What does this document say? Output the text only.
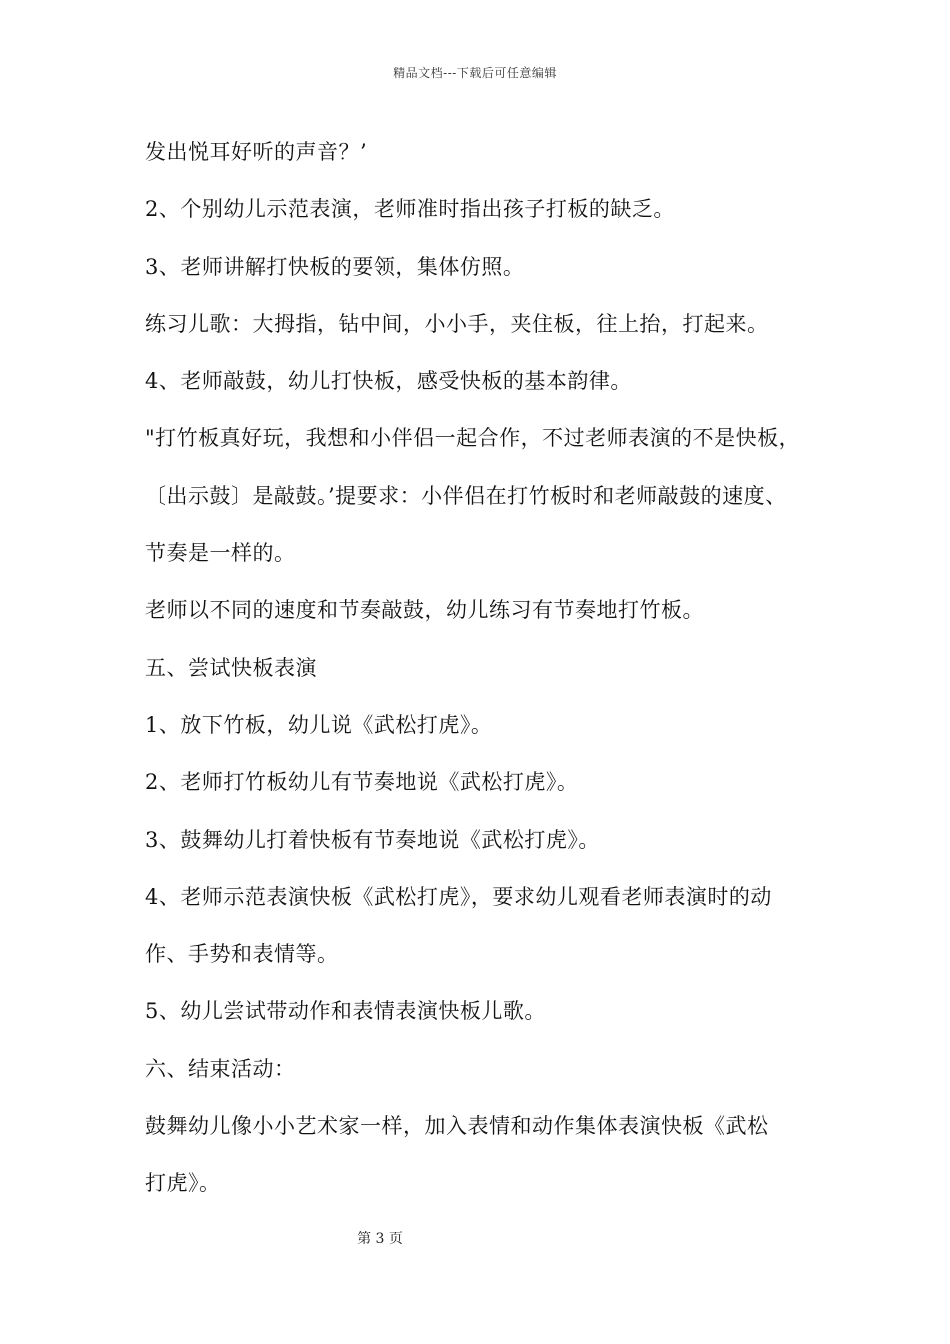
精品文档---下载后可任意编辑
发出悦耳好听的声音？’
2、个别幼儿示范表演，老师准时指出孩子打板的缺乏。
3、老师讲解打快板的要领，集体仿照。
练习儿歌：大拇指，钻中间，小小手，夹住板，往上抬，打起来。
4、老师敲鼓，幼儿打快板，感受快板的基本韵律。
"打竹板真好玩，我想和小伴侣一起合作，不过老师表演的不是快板，
〔出示鼓〕是敲鼓。’提要求：小伴侣在打竹板时和老师敲鼓的速度、
节奏是一样的。
老师以不同的速度和节奏敲鼓，幼儿练习有节奏地打竹板。
五、尝试快板表演
1、放下竹板，幼儿说《武松打虎》。
2、老师打竹板幼儿有节奏地说《武松打虎》。
3、鼓舞幼儿打着快板有节奏地说《武松打虎》。
4、老师示范表演快板《武松打虎》，要求幼儿观看老师表演时的动
作、手势和表情等。
5、幼儿尝试带动作和表情表演快板儿歌。
六、结束活动：
鼓舞幼儿像小小艺术家一样，加入表情和动作集体表演快板《武松
打虎》。
第 3 页
